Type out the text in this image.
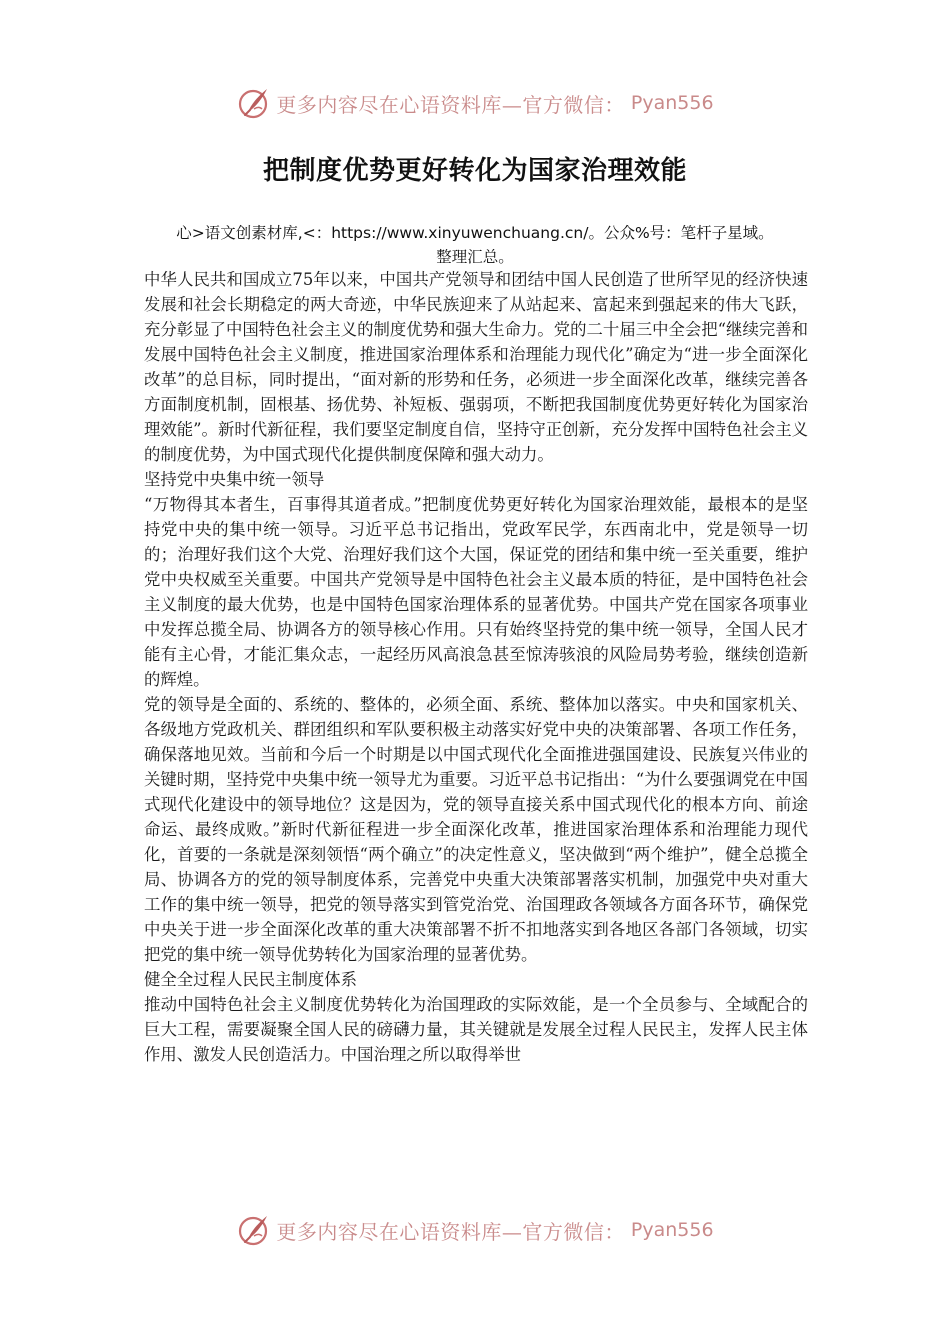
更多内容尽在心语资料库—官方微信： Pyan556
把制度优势更好转化为国家治理效能
心>语文创素材库,<：https://www.xinyuwenchuang.cn/。公众%号：笔杆子星域。
整理汇总。

中华人民共和国成立75年以来，中国共产党领导和团结中国人民创造了世所罕见的经济快速发展和社会长期稳定的两大奇迹，中华民族迎来了从站起来、富起来到强起来的伟大飞跃，充分彰显了中国特色社会主义的制度优势和强大生命力。党的二十届三中全会把“继续完善和发展中国特色社会主义制度，推进国家治理体系和治理能力现代化”确定为“进一步全面深化改革”的总目标，同时提出，“面对新的形势和任务，必须进一步全面深化改革，继续完善各方面制度机制，固根基、扬优势、补短板、强弱项，不断把我国制度优势更好转化为国家治理效能”。新时代新征程，我们要坚定制度自信，坚持守正创新，充分发挥中国特色社会主义的制度优势，为中国式现代化提供制度保障和强大动力。

坚持党中央集中统一领导

“万物得其本者生，百事得其道者成。”把制度优势更好转化为国家治理效能，最根本的是坚持党中央的集中统一领导。习近平总书记指出，党政军民学，东西南北中，党是领导一切的；治理好我们这个大党、治理好我们这个大国，保证党的团结和集中统一至关重要，维护党中央权威至关重要。中国共产党领导是中国特色社会主义最本质的特征，是中国特色社会主义制度的最大优势，也是中国特色国家治理体系的显著优势。中国共产党在国家各项事业中发挥总揽全局、协调各方的领导核心作用。只有始终坚持党的集中统一领导，全国人民才能有主心骨，才能汇集众志，一起经历风高浪急甚至惊涛骇浪的风险局势考验，继续创造新的辉煌。

党的领导是全面的、系统的、整体的，必须全面、系统、整体加以落实。中央和国家机关、各级地方党政机关、群团组织和军队要积极主动落实好党中央的决策部署、各项工作任务，确保落地见效。当前和今后一个时期是以中国式现代化全面推进强国建设、民族复兴伟业的关键时期，坚持党中央集中统一领导尤为重要。习近平总书记指出：“为什么要强调党在中国式现代化建设中的领导地位？这是因为，党的领导直接关系中国式现代化的根本方向、前途命运、最终成败。”新时代新征程进一步全面深化改革，推进国家治理体系和治理能力现代化，首要的一条就是深刻领悟“两个确立”的决定性意义，坚决做到“两个维护”，健全总揽全局、协调各方的党的领导制度体系，完善党中央重大决策部署落实机制，加强党中央对重大工作的集中统一领导，把党的领导落实到管党治党、治国理政各领域各方面各环节，确保党中央关于进一步全面深化改革的重大决策部署不折不扣地落实到各地区各部门各领域，切实把党的集中统一领导优势转化为国家治理的显著优势。

健全全过程人民民主制度体系

推动中国特色社会主义制度优势转化为治国理政的实际效能，是一个全员参与、全域配合的巨大工程，需要凝聚全国人民的磅礴力量，其关键就是发展全过程人民民主，发挥人民主体作用、激发人民创造活力。中国治理之所以取得举世

更多内容尽在心语资料库—官方微信： Pyan556
